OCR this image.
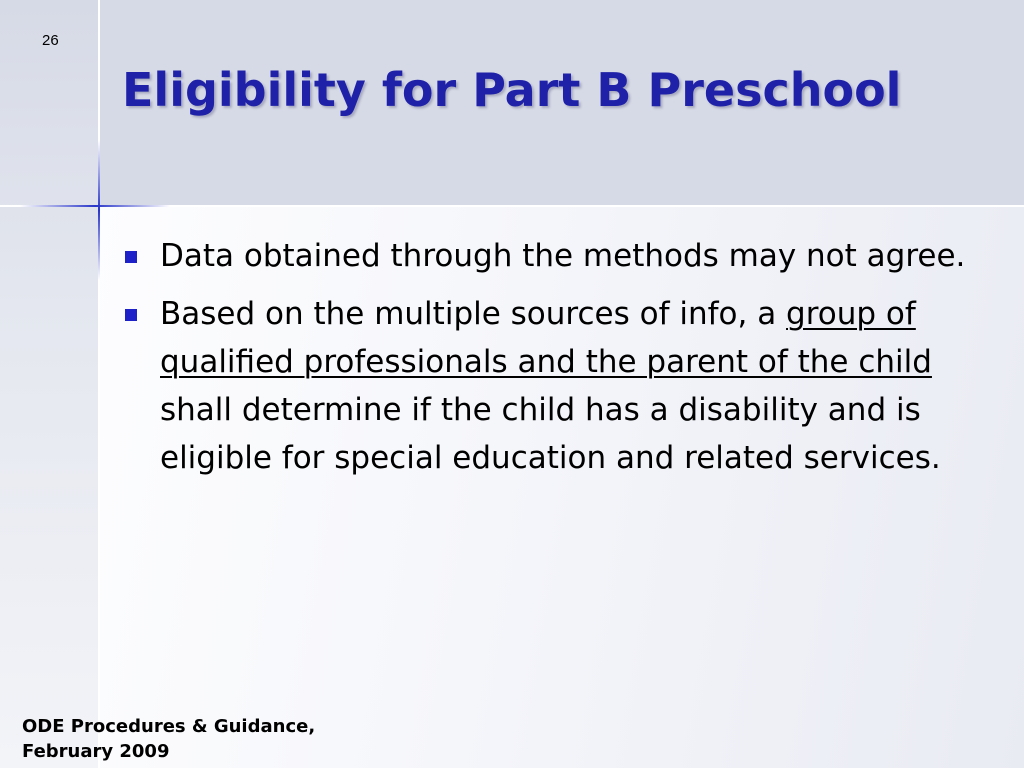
26
Eligibility for Part B Preschool
Data obtained through the methods may not agree.
Based on the multiple sources of info, a group of qualified professionals and the parent of the child shall determine if the child has a disability and is eligible for special education and related services.
ODE Procedures & Guidance,
February 2009
